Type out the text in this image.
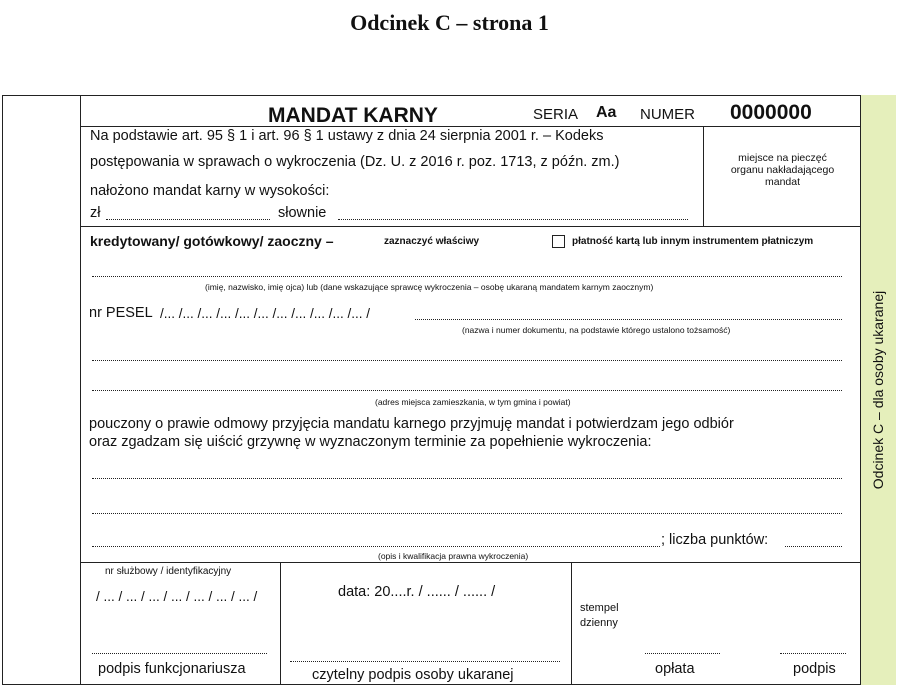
Odcinek C – strona 1
Odcinek C – dla osoby ukaranej
MANDAT KARNY	SERIA Aa NUMER 0000000
Na podstawie art. 95 § 1 i art. 96 § 1 ustawy z dnia 24 sierpnia 2001 r. – Kodeks
postępowania w sprawach o wykroczenia (Dz. U. z 2016 r. poz. 1713, z późn. zm.)
nałożono mandat karny w wysokości:
zł	słownie
miejsce na pieczęć
organu nakładającego
mandat
kredytowany/ gotówkowy/ zaoczny –	zaznaczyć właściwy	płatność kartą lub innym instrumentem płatniczym
(imię, nazwisko, imię ojca) lub (dane wskazujące sprawcę wykroczenia – osobę ukaraną mandatem karnym zaocznym)
nr PESEL /... /... /... /... /... /... /... /... /... /... /... /
(nazwa i numer dokumentu, na podstawie którego ustalono tożsamość)
(adres miejsca zamieszkania, w tym gmina i powiat)
pouczony o prawie odmowy przyjęcia mandatu karnego przyjmuję mandat i potwierdzam jego odbiór
oraz zgadzam się uiścić grzywnę w wyznaczonym terminie za popełnienie wykroczenia:
; liczba punktów:
(opis i kwalifikacja prawna wykroczenia)
nr służbowy / identyfikacyjny
/ ... / ... / ... / ... / ... / ... / ... /
podpis funkcjonariusza
data: 20....r. / ...... / ...... /
czytelny podpis osoby ukaranej
stempel
dzienny
opłata	podpis
